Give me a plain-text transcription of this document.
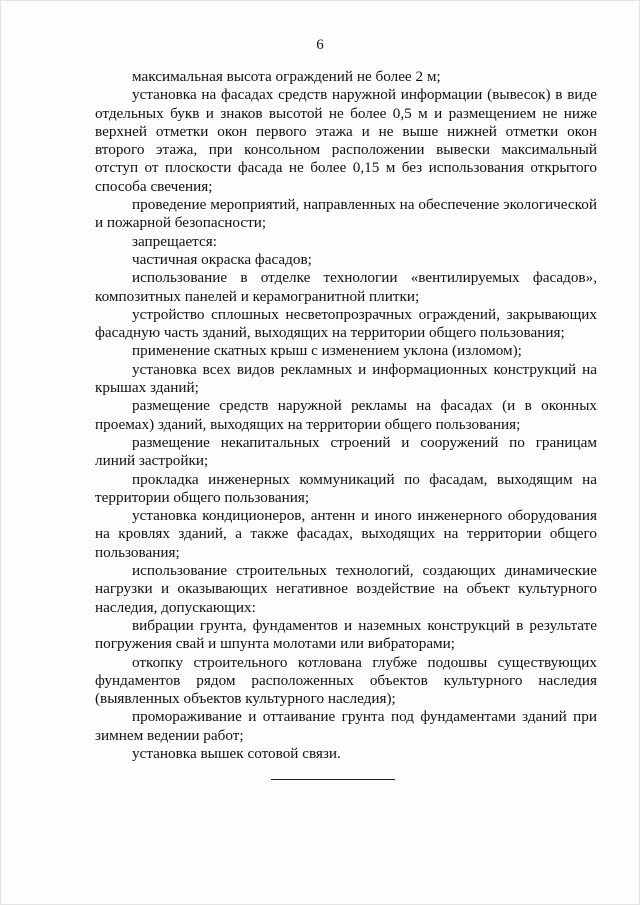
6

максимальная высота ограждений не более 2 м;

установка на фасадах средств наружной информации (вывесок) в виде отдельных букв и знаков высотой не более 0,5 м и размещением не ниже верхней отметки окон первого этажа и не выше нижней отметки окон второго этажа, при консольном расположении вывески максимальный отступ от плоскости фасада не более 0,15 м без использования открытого способа свечения;

проведение мероприятий, направленных на обеспечение экологической и пожарной безопасности;

запрещается:

частичная окраска фасадов;

использование в отделке технологии «вентилируемых фасадов», композитных панелей и керамогранитной плитки;

устройство сплошных несветопрозрачных ограждений, закрывающих фасадную часть зданий, выходящих на территории общего пользования;

применение скатных крыш с изменением уклона (изломом);

установка всех видов рекламных и информационных конструкций на крышах зданий;

размещение средств наружной рекламы на фасадах (и в оконных проемах) зданий, выходящих на территории общего пользования;

размещение некапитальных строений и сооружений по границам линий застройки;

прокладка инженерных коммуникаций по фасадам, выходящим на территории общего пользования;

установка кондиционеров, антенн и иного инженерного оборудования на кровлях зданий, а также фасадах, выходящих на территории общего пользования;

использование строительных технологий, создающих динамические нагрузки и оказывающих негативное воздействие на объект культурного наследия, допускающих:

вибрации грунта, фундаментов и наземных конструкций в результате погружения свай и шпунта молотами или вибраторами;

откопку строительного котлована глубже подошвы существующих фундаментов рядом расположенных объектов культурного наследия (выявленных объектов культурного наследия);

промораживание и оттаивание грунта под фундаментами зданий при зимнем ведении работ;

установка вышек сотовой связи.
